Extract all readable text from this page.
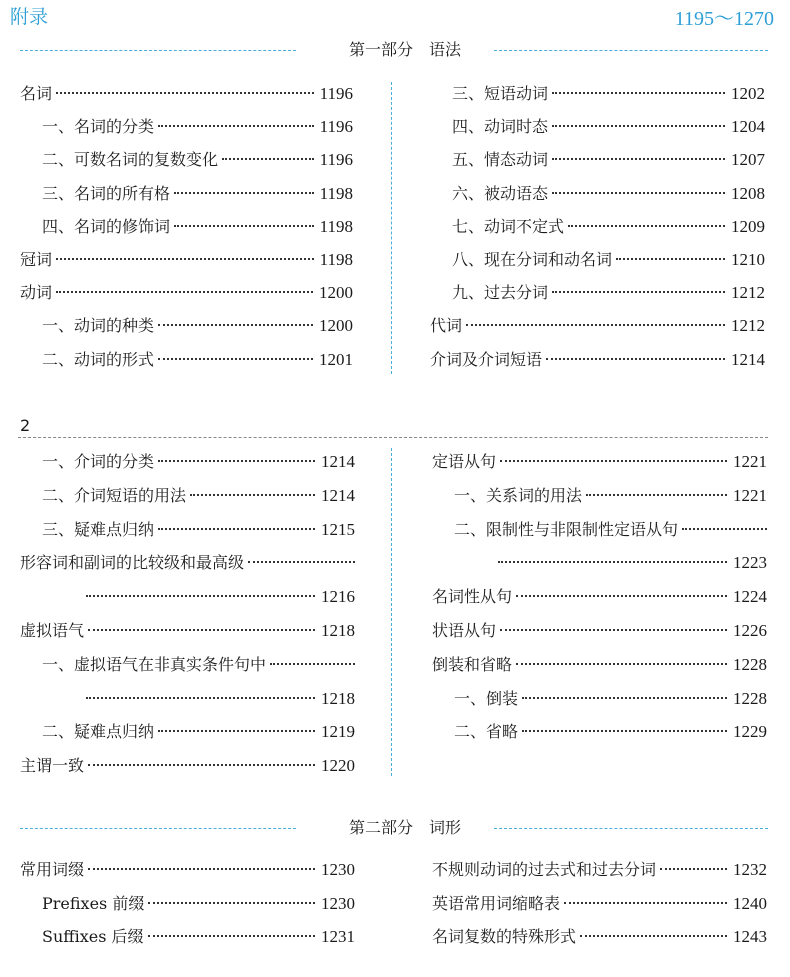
附录	1195～1270
第一部分　语法
2
第二部分　词形
名词	1196
一、名词的分类	1196
二、可数名词的复数变化	1196
三、名词的所有格	1198
四、名词的修饰词	1198
冠词	1198
动词	1200
一、动词的种类	1200
二、动词的形式	1201
三、短语动词	1202
四、动词时态	1204
五、情态动词	1207
六、被动语态	1208
七、动词不定式	1209
八、现在分词和动名词	1210
九、过去分词	1212
代词	1212
介词及介词短语	1214
一、介词的分类	1214
二、介词短语的用法	1214
三、疑难点归纳	1215
形容词和副词的比较级和最高级
1216
虚拟语气	1218
一、虚拟语气在非真实条件句中
1218
二、疑难点归纳	1219
主谓一致	1220
定语从句	1221
一、关系词的用法	1221
二、限制性与非限制性定语从句
1223
名词性从句	1224
状语从句	1226
倒装和省略	1228
一、倒装	1228
二、省略	1229
常用词缀	1230
Prefixes 前缀	1230
Suffixes 后缀	1231
不规则动词的过去式和过去分词	1232
英语常用词缩略表	1240
名词复数的特殊形式	1243
